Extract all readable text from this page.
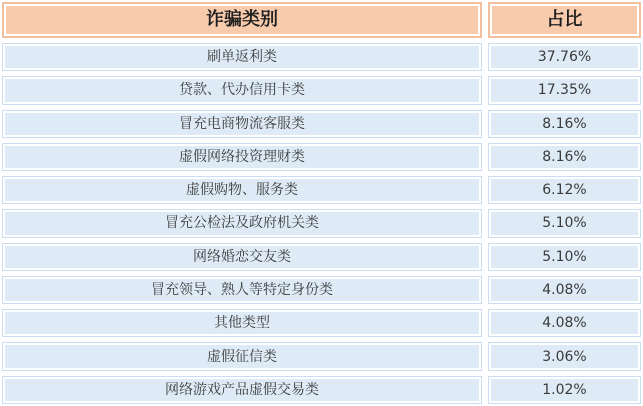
诈骗类别	占比
刷单返利类	37.76%
贷款、代办信用卡类	17.35%
冒充电商物流客服类	8.16%
虚假网络投资理财类	8.16%
虚假购物、服务类	6.12%
冒充公检法及政府机关类	5.10%
网络婚恋交友类	5.10%
冒充领导、熟人等特定身份类	4.08%
其他类型	4.08%
虚假征信类	3.06%
网络游戏产品虚假交易类	1.02%
